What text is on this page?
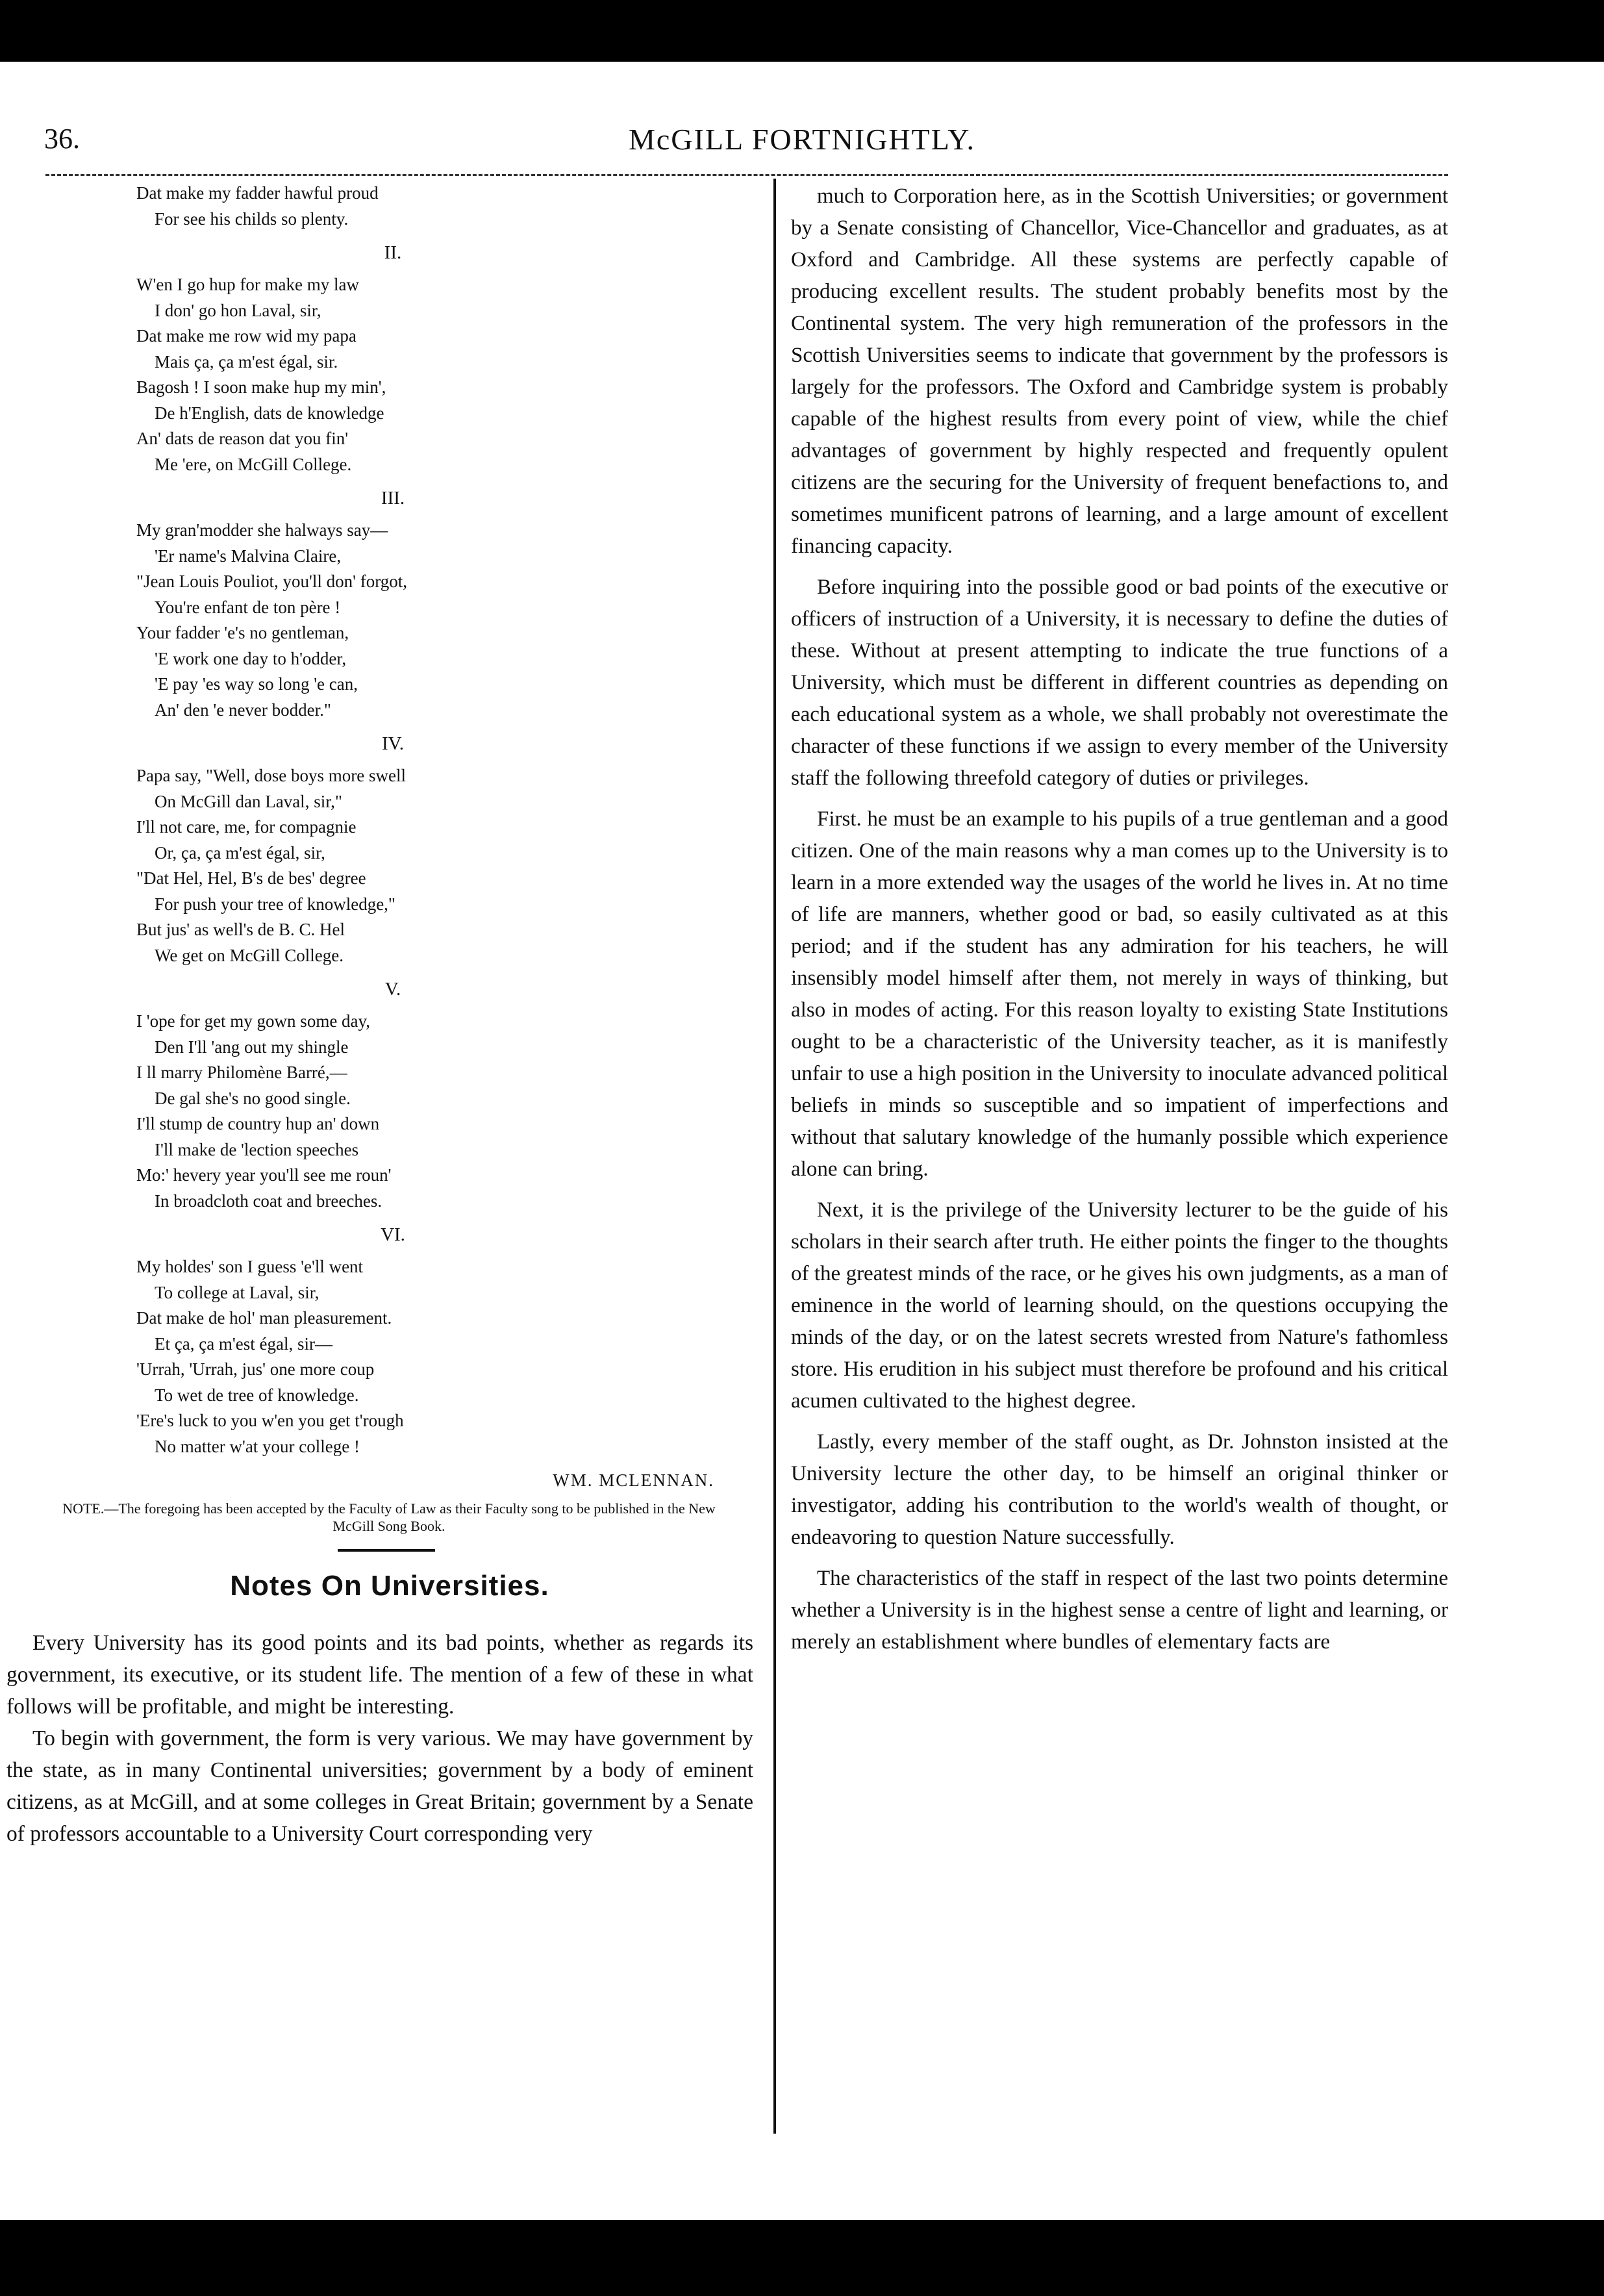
36.	McGILL FORTNIGHTLY.
Dat make my fadder hawful proud
For see his childs so plenty.
II.
W'en I go hup for make my law
I don' go hon Laval, sir,
Dat make me row wid my papa
Mais ça, ça m'est égal, sir.
Bagosh ! I soon make hup my min',
De h'English, dats de knowledge
An' dats de reason dat you fin'
Me 'ere, on McGill College.
III.
My gran'modder she halways say—
'Er name's Malvina Claire,
"Jean Louis Pouliot, you'll don' forgot,
You're enfant de ton père !
Your fadder 'e's no gentleman,
'E work one day to h'odder,
'E pay 'es way so long 'e can,
An' den 'e never bodder."
IV.
Papa say, "Well, dose boys more swell
On McGill dan Laval, sir,"
I'll not care, me, for compagnie
Or, ça, ça m'est égal, sir,
"Dat Hel, Hel, B's de bes' degree
For push your tree of knowledge,"
But jus' as well's de B. C. Hel
We get on McGill College.
V.
I 'ope for get my gown some day,
Den I'll 'ang out my shingle
I ll marry Philomène Barré,—
De gal she's no good single.
I'll stump de country hup an' down
I'll make de 'lection speeches
Mo:' hevery year you'll see me roun'
In broadcloth coat and breeches.
VI.
My holdes' son I guess 'e'll went
To college at Laval, sir,
Dat make de hol' man pleasurement.
Et ça, ça m'est égal, sir—
'Urrah, 'Urrah, jus' one more coup
To wet de tree of knowledge.
'Ere's luck to you w'en you get t'rough
No matter w'at your college !
WM. MCLENNAN.
NOTE.—The foregoing has been accepted by the Faculty of Law as their Faculty song to be published in the New McGill Song Book.
Notes On Universities.

Every University has its good points and its bad points, whether as regards its government, its executive, or its student life. The mention of a few of these in what follows will be profitable, and might be interesting.

To begin with government, the form is very various. We may have government by the state, as in many Continental universities; government by a body of eminent citizens, as at McGill, and at some colleges in Great Britain; government by a Senate of professors accountable to a University Court corresponding very

much to Corporation here, as in the Scottish Universities; or government by a Senate consisting of Chancellor, Vice-Chancellor and graduates, as at Oxford and Cambridge. All these systems are perfectly capable of producing excellent results. The student probably benefits most by the Continental system. The very high remuneration of the professors in the Scottish Universities seems to indicate that government by the professors is largely for the professors. The Oxford and Cambridge system is probably capable of the highest results from every point of view, while the chief advantages of government by highly respected and frequently opulent citizens are the securing for the University of frequent benefactions to, and sometimes munificent patrons of learning, and a large amount of excellent financing capacity.

Before inquiring into the possible good or bad points of the executive or officers of instruction of a University, it is necessary to define the duties of these. Without at present attempting to indicate the true functions of a University, which must be different in different countries as depending on each educational system as a whole, we shall probably not overestimate the character of these functions if we assign to every member of the University staff the following threefold category of duties or privileges.

First. he must be an example to his pupils of a true gentleman and a good citizen. One of the main reasons why a man comes up to the University is to learn in a more extended way the usages of the world he lives in. At no time of life are manners, whether good or bad, so easily cultivated as at this period; and if the student has any admiration for his teachers, he will insensibly model himself after them, not merely in ways of thinking, but also in modes of acting. For this reason loyalty to existing State Institutions ought to be a characteristic of the University teacher, as it is manifestly unfair to use a high position in the University to inoculate advanced political beliefs in minds so susceptible and so impatient of imperfections and without that salutary knowledge of the humanly possible which experience alone can bring.

Next, it is the privilege of the University lecturer to be the guide of his scholars in their search after truth. He either points the finger to the thoughts of the greatest minds of the race, or he gives his own judgments, as a man of eminence in the world of learning should, on the questions occupying the minds of the day, or on the latest secrets wrested from Nature's fathomless store. His erudition in his subject must therefore be profound and his critical acumen cultivated to the highest degree.

Lastly, every member of the staff ought, as Dr. Johnston insisted at the University lecture the other day, to be himself an original thinker or investigator, adding his contribution to the world's wealth of thought, or endeavoring to question Nature successfully.

The characteristics of the staff in respect of the last two points determine whether a University is in the highest sense a centre of light and learning, or merely an establishment where bundles of elementary facts are
